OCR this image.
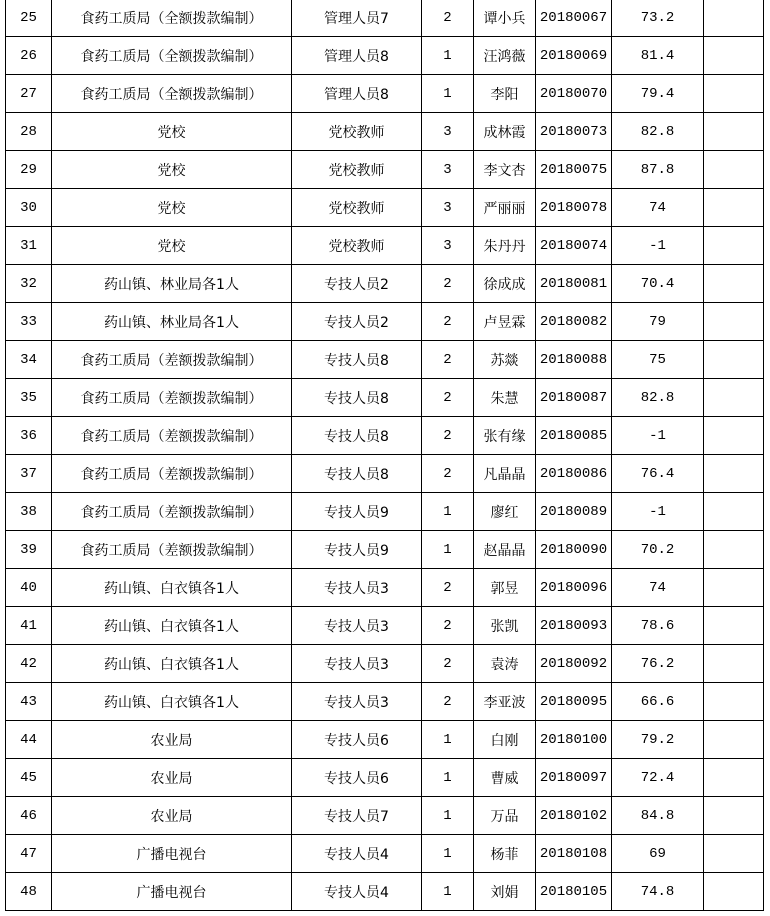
25	食药工质局（全额拨款编制）	管理人员7	2	谭小兵	20180067	73.2	
26	食药工质局（全额拨款编制）	管理人员8	1	汪鸿薇	20180069	81.4	
27	食药工质局（全额拨款编制）	管理人员8	1	李阳	20180070	79.4	
28	党校	党校教师	3	成林霞	20180073	82.8	
29	党校	党校教师	3	李文杏	20180075	87.8	
30	党校	党校教师	3	严丽丽	20180078	74	
31	党校	党校教师	3	朱丹丹	20180074	-1	
32	药山镇、林业局各1人	专技人员2	2	徐成成	20180081	70.4	
33	药山镇、林业局各1人	专技人员2	2	卢昱霖	20180082	79	
34	食药工质局（差额拨款编制）	专技人员8	2	苏燚	20180088	75	
35	食药工质局（差额拨款编制）	专技人员8	2	朱慧	20180087	82.8	
36	食药工质局（差额拨款编制）	专技人员8	2	张有缘	20180085	-1	
37	食药工质局（差额拨款编制）	专技人员8	2	凡晶晶	20180086	76.4	
38	食药工质局（差额拨款编制）	专技人员9	1	廖红	20180089	-1	
39	食药工质局（差额拨款编制）	专技人员9	1	赵晶晶	20180090	70.2	
40	药山镇、白衣镇各1人	专技人员3	2	郭昱	20180096	74	
41	药山镇、白衣镇各1人	专技人员3	2	张凯	20180093	78.6	
42	药山镇、白衣镇各1人	专技人员3	2	袁涛	20180092	76.2	
43	药山镇、白衣镇各1人	专技人员3	2	李亚波	20180095	66.6	
44	农业局	专技人员6	1	白刚	20180100	79.2	
45	农业局	专技人员6	1	曹威	20180097	72.4	
46	农业局	专技人员7	1	万品	20180102	84.8	
47	广播电视台	专技人员4	1	杨菲	20180108	69	
48	广播电视台	专技人员4	1	刘娟	20180105	74.8	
